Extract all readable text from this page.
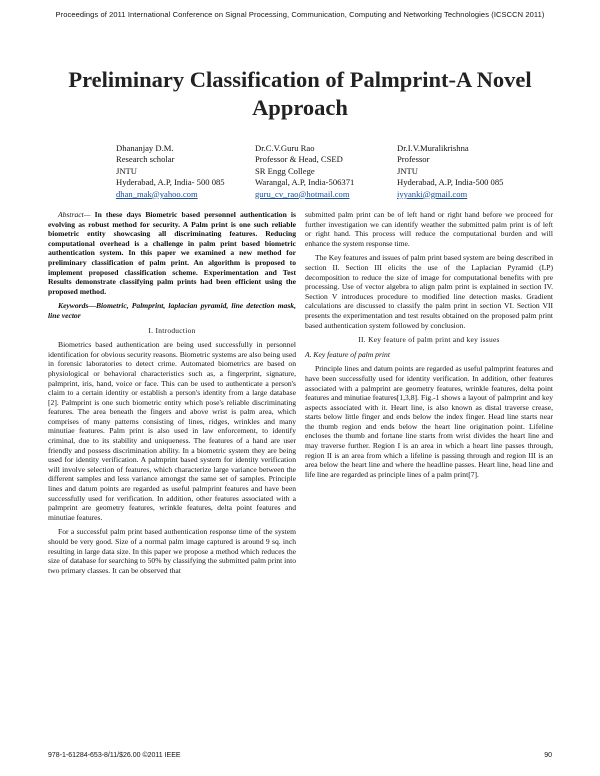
Proceedings of 2011 International Conference on Signal Processing, Communication, Computing and Networking Technologies (ICSCCN 2011)
Preliminary Classification of Palmprint-A Novel
Approach
Dhananjay D.M.
Research scholar
JNTU
Hyderabad, A.P, India- 500 085
dhan_mak@yahoo.com
Dr.C.V.Guru Rao
Professor & Head, CSED
SR Engg College
Warangal, A.P, India-506371
guru_cv_rao@hotmail.com
Dr.I.V.Muralikrishna
Professor
JNTU
Hyderabad, A.P, India-500 085
iyyanki@gmail.com

Abstract— In these days Biometric based personnel authentication is evolving as robust method for security. A Palm print is one such reliable biometric entity showcasing all discriminating features. Reducing computational overhead is a challenge in palm print based biometric authentication system. In this paper we examined a new method for preliminary classification of palm print. An algorithm is proposed to implement proposed classification scheme. Experimentation and Test Results demonstrate classifying palm prints had been efficient using the proposed method.

Keywords—Biometric, Palmprint, laplacian pyramid, line detection mask, line vector

I. Introduction

Biometrics based authentication are being used successfully in personnel identification for obvious security reasons. Biometric systems are also being used in forensic laboratories to detect crime. Automated biometrics are based on physiological or behavioral characteristics such as, a fingerprint, signature, palmprint, iris, hand, voice or face. This can be used to authenticate a person's claim to a certain identity or establish a person's identity from a large database [2]. Palmprint is one such biometric entity which pose's reliable discriminating features. The area beneath the fingers and above wrist is palm area, which comprises of many patterns consisting of lines, ridges, wrinkles and many minutiae features. Palm print is also used in law enforcement, to identify criminal, due to its stability and uniqueness. The features of a hand are user friendly and possess discrimination ability. In a biometric system they are being used for identity verification. A palmprint based system for identity verification will involve selection of features, which characterize large variance between the different samples and less variance amongst the same set of samples. Principle lines and datum points are regarded as useful palmprint features and have been successfully used for verification. In addition, other features associated with a palmprint are geometry features, wrinkle features, delta point features and minutiae features.

For a successful palm print based authentication response time of the system should be very good. Size of a normal palm image captured is around 9 sq. inch resulting in large data size. In this paper we propose a method which reduces the size of database for searching to 50% by classifying the submitted palm print into two primary classes. It can be observed that

submitted palm print can be of left hand or right hand before we proceed for further investigation we can identify weather the submitted palm print is of left or right hand. This process will reduce the computational burden and will enhance the system response time.

The Key features and issues of palm print based system are being described in section II. Section III elicits the use of the Laplacian Pyramid (LP) decomposition to reduce the size of image for computational benefits with pre processing. Use of vector algebra to align palm print is explained in section IV. Section V introduces procedure to modified line detection masks. Gradient calculations are discussed to classify the palm print in section VI. Section VII presents the experimentation and test results obtained on the proposed palm print based authentication system followed by conclusion.

II. Key feature of palm print and key issues

A. Key feature of palm print

Principle lines and datum points are regarded as useful palmprint features and have been successfully used for identity verification. In addition, other features associated with a palmprint are geometry features, wrinkle features, delta point features and minutiae features[1,3,8]. Fig.-1 shows a layout of palmprint and key aspects associated with it. Heart line, is also known as distal traverse crease, starts below little finger and ends below the index finger. Head line starts near the thumb region and ends below the heart line origination point. Lifeline encloses the thumb and fortane line starts from wrist divides the heart line and may traverse further. Region I is an area in which a heart line passes through, region II is an area from which a lifeline is passing through and region III is an area below the heart line and where the headline passes. Heart line, head line and life line are regarded as principle lines of a palm print[7].

978-1-61284-653-8/11/$26.00 ©2011 IEEE	90
